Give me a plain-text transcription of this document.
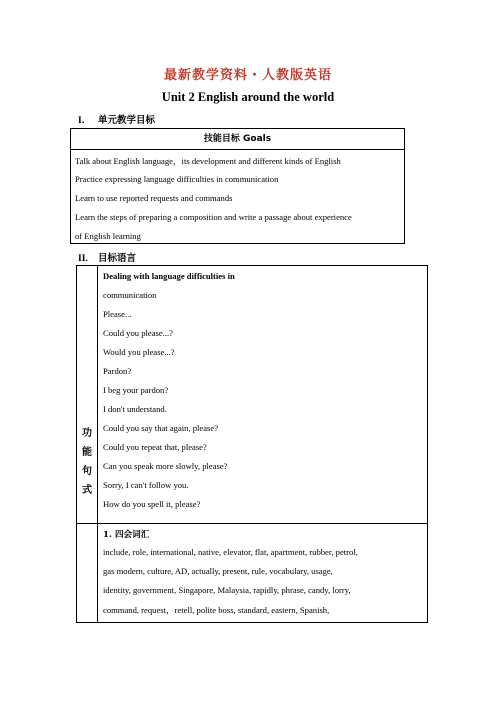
最新教学资料・人教版英语
Unit 2 English around the world
I． 单元教学目标
技能目标 Goals
Talk about English language，its development and different kinds of English
Practice expressing language difficulties in communication
Learn to use reported requests and commands
Learn the steps of preparing a composition and write a passage about experience
of English learning
II. 目标语言
功
能
句
式
Dealing with language difficulties in
communication
Please...
Could you please...?
Would you please...?
Pardon?
I beg your pardon?
I don't understand.
Could you say that again, please?
Could you repeat that, please?
Can you speak more slowly, please?
Sorry, I can't follow you.
How do you spell it, please?
1. 四会词汇
include, role, international, native, elevator, flat, apartment, rubber, petrol,
gas modern, culture, AD, actually, present, rule, vocabulary, usage,
identity, government, Singapore, Malaysia, rapidly, phrase, candy, lorry,
command, request，retell, polite boss, standard, eastern, Spanish,
